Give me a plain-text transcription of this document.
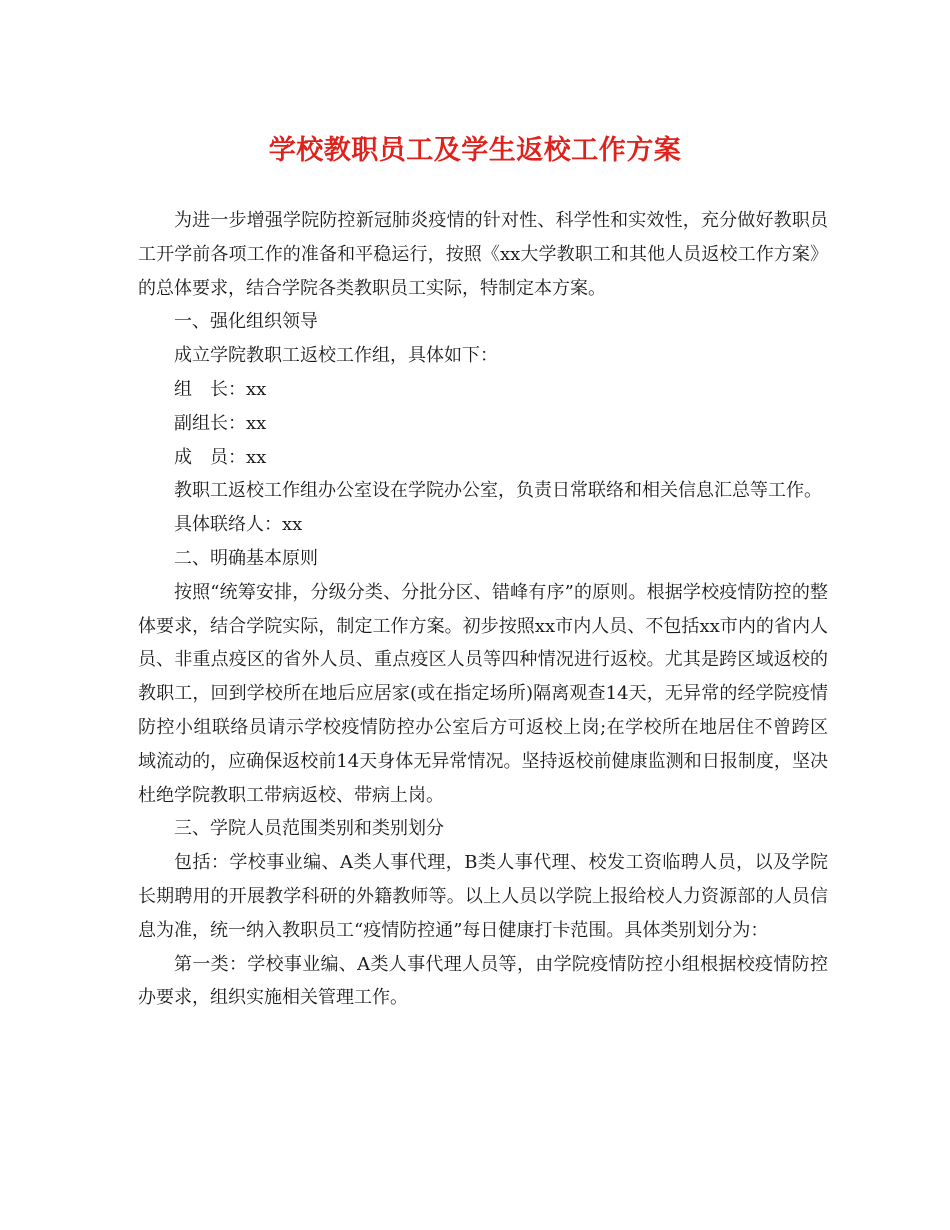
学校教职员工及学生返校工作方案

为进一步增强学院防控新冠肺炎疫情的针对性、科学性和实效性，充分做好教职员工开学前各项工作的准备和平稳运行，按照《xx大学教职工和其他人员返校工作方案》的总体要求，结合学院各类教职员工实际，特制定本方案。

一、强化组织领导

成立学院教职工返校工作组，具体如下：

组　长：xx

副组长：xx

成　员：xx

教职工返校工作组办公室设在学院办公室，负责日常联络和相关信息汇总等工作。

具体联络人：xx

二、明确基本原则

按照“统筹安排，分级分类、分批分区、错峰有序”的原则。根据学校疫情防控的整体要求，结合学院实际，制定工作方案。初步按照xx市内人员、不包括xx市内的省内人员、非重点疫区的省外人员、重点疫区人员等四种情况进行返校。尤其是跨区域返校的教职工，回到学校所在地后应居家(或在指定场所)隔离观查14天，无异常的经学院疫情防控小组联络员请示学校疫情防控办公室后方可返校上岗;在学校所在地居住不曾跨区域流动的，应确保返校前14天身体无异常情况。坚持返校前健康监测和日报制度，坚决杜绝学院教职工带病返校、带病上岗。

三、学院人员范围类别和类别划分

包括：学校事业编、A类人事代理，B类人事代理、校发工资临聘人员，以及学院长期聘用的开展教学科研的外籍教师等。以上人员以学院上报给校人力资源部的人员信息为准，统一纳入教职员工“疫情防控通”每日健康打卡范围。具体类别划分为：

第一类：学校事业编、A类人事代理人员等，由学院疫情防控小组根据校疫情防控办要求，组织实施相关管理工作。
